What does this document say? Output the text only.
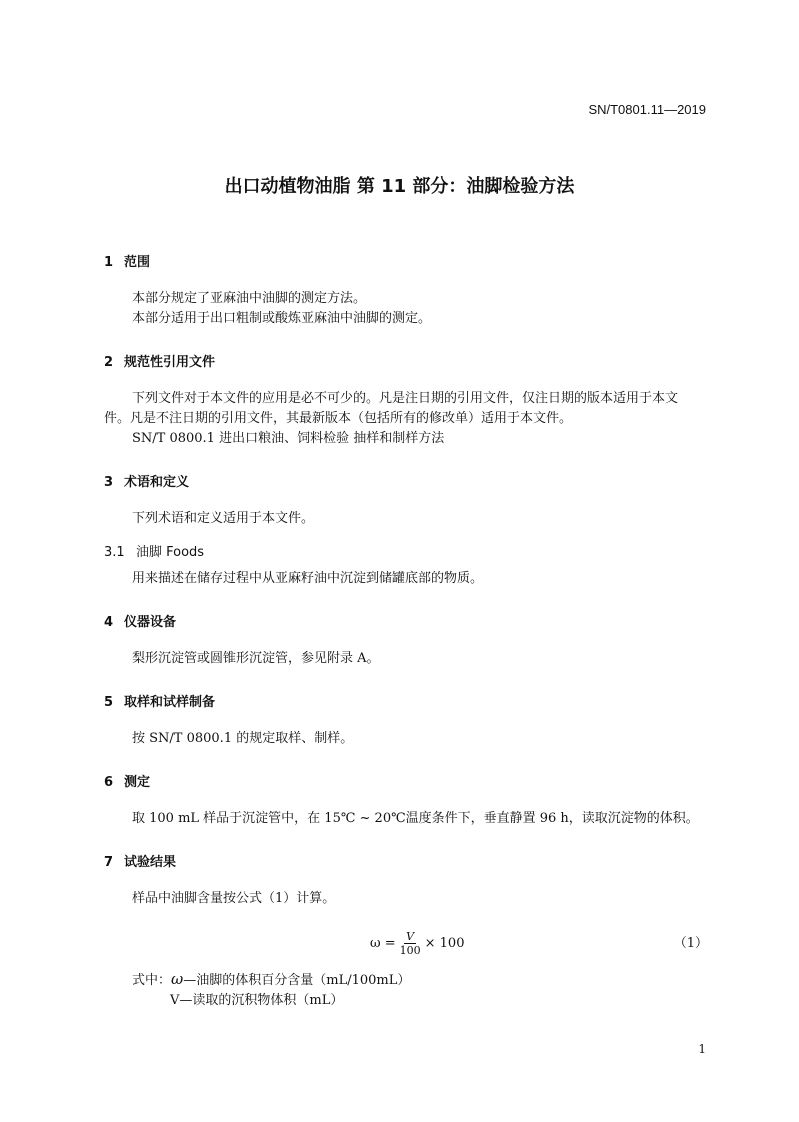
SN/T0801.11—2019
出口动植物油脂 第 11 部分：油脚检验方法
1 范围
本部分规定了亚麻油中油脚的测定方法。
本部分适用于出口粗制或酸炼亚麻油中油脚的测定。
2 规范性引用文件
下列文件对于本文件的应用是必不可少的。凡是注日期的引用文件，仅注日期的版本适用于本文
件。凡是不注日期的引用文件，其最新版本（包括所有的修改单）适用于本文件。
SN/T 0800.1 进出口粮油、饲料检验 抽样和制样方法
3 术语和定义
下列术语和定义适用于本文件。
3.1 油脚 Foods
用来描述在储存过程中从亚麻籽油中沉淀到储罐底部的物质。
4 仪器设备
梨形沉淀管或圆锥形沉淀管，参见附录 A。
5 取样和试样制备
按 SN/T 0800.1 的规定取样、制样。
6 测定
取 100 mL 样品于沉淀管中，在 15℃ ~ 20℃温度条件下，垂直静置 96 h，读取沉淀物的体积。
7 试验结果
样品中油脚含量按公式（1）计算。
$\omega = \frac{V}{100} \times 100$	（1）
式中：ω—油脚的体积百分含量（mL/100mL）
V—读取的沉积物体积（mL）
1
